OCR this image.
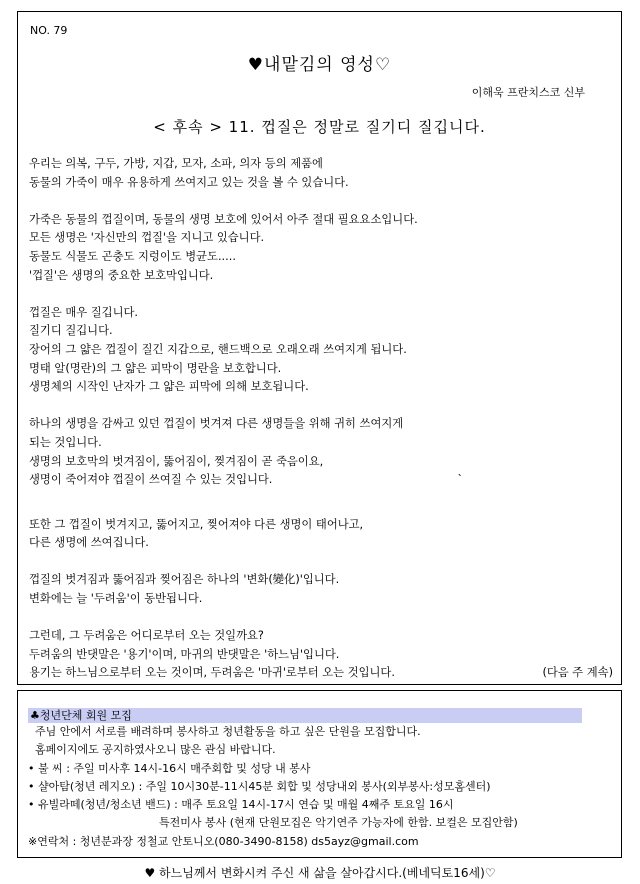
NO. 79
♥내맡김의 영성♡
이해욱 프란치스코 신부
< 후속 > 11. 껍질은 정말로 질기디 질깁니다.
우리는 의복, 구두, 가방, 지갑, 모자, 소파, 의자 등의 제품에
동물의 가죽이 매우 유용하게 쓰여지고 있는 것을 볼 수 있습니다.
가죽은 동물의 껍질이며, 동물의 생명 보호에 있어서 아주 절대 필요요소입니다.
모든 생명은 '자신만의 껍질'을 지니고 있습니다.
동물도 식물도 곤충도 지렁이도 병균도.....
'껍질'은 생명의 중요한 보호막입니다.
껍질은 매우 질깁니다.
질기디 질깁니다.
장어의 그 얇은 껍질이 질긴 지갑으로, 핸드백으로 오래오래 쓰여지게 됩니다.
명태 알(명란)의 그 얇은 피막이 명란을 보호합니다.
생명체의 시작인 난자가 그 얇은 피막에 의해 보호됩니다.
하나의 생명을 감싸고 있던 껍질이 벗겨져 다른 생명들을 위해 귀히 쓰여지게
되는 것입니다.
생명의 보호막의 벗겨짐이, 뚫어짐이, 찢겨짐이 곧 죽음이요,
생명이 죽어져야 껍질이 쓰여질 수 있는 것입니다.	`
또한 그 껍질이 벗겨지고, 뚫어지고, 찢어져야 다른 생명이 태어나고,
다른 생명에 쓰여집니다.
껍질의 벗겨짐과 뚫어짐과 찢어짐은 하나의 '변화(變化)'입니다.
변화에는 늘 '두려움'이 동반됩니다.
그런데, 그 두려움은 어디로부터 오는 것일까요?
두려움의 반댓말은 '용기'이며, 마귀의 반댓말은 '하느님'입니다.
용기는 하느님으로부터 오는 것이며, 두려움은 '마귀'로부터 오는 것입니다.	(다음 주 계속)
♣청년단체 회원 모집
주님 안에서 서로를 배려하며 봉사하고 청년활동을 하고 싶은 단원을 모집합니다.
홈페이지에도 공지하였사오니 많은 관심 바랍니다.
• 불 씨 : 주일 미사후 14시-16시 매주회합 및 성당 내 봉사
• 샬아탐(청년 레지오) : 주일 10시30분-11시45분 회합 및 성당내외 봉사(외부봉사:성모홈센터)
• 유빌라떼(청년/청소년 밴드) : 매주 토요일 14시-17시 연습 및 매월 4째주 토요일 16시
특전미사 봉사 (현재 단원모집은 악기연주 가능자에 한함. 보컬은 모집안함)
※연락처 : 청년분과장 정철교 안토니오(080-3490-8158) ds5ayz@gmail.com
♥ 하느님께서 변화시켜 주신 새 삶을 살아갑시다.(베네딕토16세)♡
